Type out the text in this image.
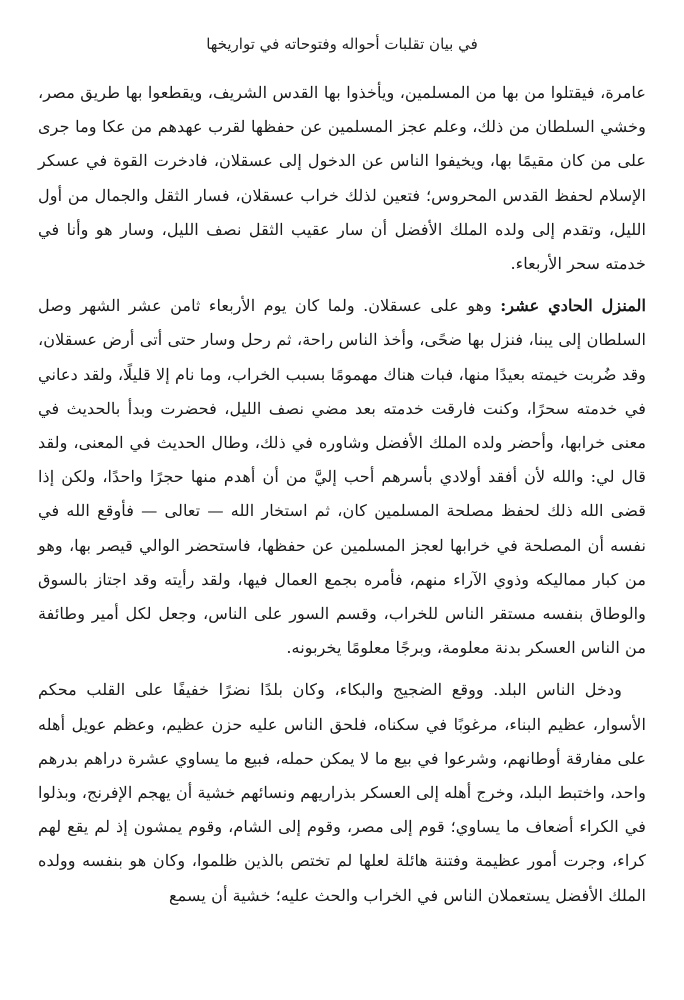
في بيان تقلبات أحواله وفتوحاته في تواريخها

عامرة، فيقتلوا من بها من المسلمين، ويأخذوا بها القدس الشريف، ويقطعوا بها طريق مصر، وخشي السلطان من ذلك، وعلم عجز المسلمين عن حفظها لقرب عهدهم من عكا وما جرى على من كان مقيمًا بها، ويخيفوا الناس عن الدخول إلى عسقلان، فادخرت القوة في عسكر الإسلام لحفظ القدس المحروس؛ فتعين لذلك خراب عسقلان، فسار الثقل والجمال من أول الليل، وتقدم إلى ولده الملك الأفضل أن سار عقيب الثقل نصف الليل، وسار هو وأنا في خدمته سحر الأربعاء.

المنزل الحادي عشر: وهو على عسقلان. ولما كان يوم الأربعاء ثامن عشر الشهر وصل السلطان إلى يبنا، فنزل بها ضحًى، وأخذ الناس راحة، ثم رحل وسار حتى أتى أرض عسقلان، وقد ضُربت خيمته بعيدًا منها، فبات هناك مهمومًا بسبب الخراب، وما نام إلا قليلًا، ولقد دعاني في خدمته سحرًا، وكنت فارقت خدمته بعد مضي نصف الليل، فحضرت وبدأ بالحديث في معنى خرابها، وأحضر ولده الملك الأفضل وشاوره في ذلك، وطال الحديث في المعنى، ولقد قال لي: والله لأن أفقد أولادي بأسرهم أحب إليَّ من أن أهدم منها حجرًا واحدًا، ولكن إذا قضى الله ذلك لحفظ مصلحة المسلمين كان، ثم استخار الله — تعالى — فأوقع الله في نفسه أن المصلحة في خرابها لعجز المسلمين عن حفظها، فاستحضر الوالي قيصر بها، وهو من كبار مماليكه وذوي الآراء منهم، فأمره بجمع العمال فيها، ولقد رأيته وقد اجتاز بالسوق والوطاق بنفسه مستقر الناس للخراب، وقسم السور على الناس، وجعل لكل أمير وطائفة من الناس العسكر بدنة معلومة، وبرجًا معلومًا يخربونه.

ودخل الناس البلد. ووقع الضجيج والبكاء، وكان بلدًا نضرًا خفيفًا على القلب محكم الأسوار، عظيم البناء، مرغوبًا في سكناه، فلحق الناس عليه حزن عظيم، وعظم عويل أهله على مفارقة أوطانهم، وشرعوا في بيع ما لا يمكن حمله، فبيع ما يساوي عشرة دراهم بدرهم واحد، واختبط البلد، وخرج أهله إلى العسكر بذراريهم ونسائهم خشية أن يهجم الإفرنج، وبذلوا في الكراء أضعاف ما يساوي؛ قوم إلى مصر، وقوم إلى الشام، وقوم يمشون إذ لم يقع لهم كراء، وجرت أمور عظيمة وفتنة هائلة لعلها لم تختص بالذين ظلموا، وكان هو بنفسه وولده الملك الأفضل يستعملان الناس في الخراب والحث عليه؛ خشية أن يسمع
